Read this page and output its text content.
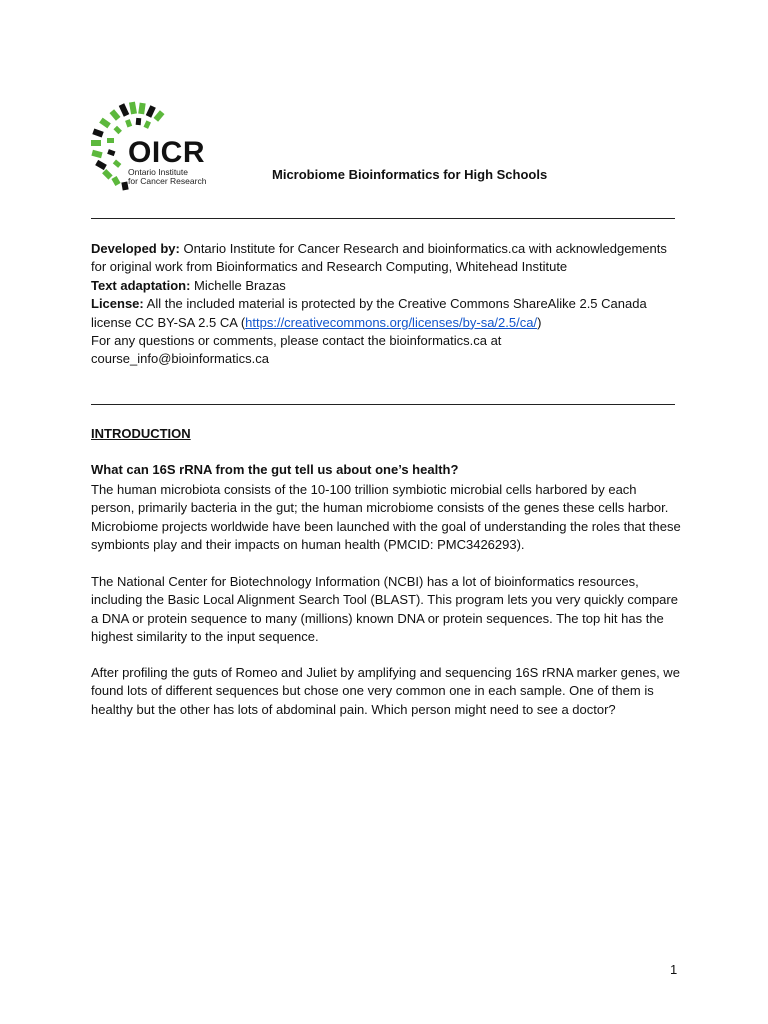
OICR
Ontario Institute
for Cancer Research	Microbiome Bioinformatics for High Schools

Developed by: Ontario Institute for Cancer Research and bioinformatics.ca with acknowledgements for original work from Bioinformatics and Research Computing, Whitehead Institute

Text adaptation: Michelle Brazas

License: All the included material is protected by the Creative Commons ShareAlike 2.5 Canada license CC BY-SA 2.5 CA (https://creativecommons.org/licenses/by-sa/2.5/ca/)

For any questions or comments, please contact the bioinformatics.ca at course_info@bioinformatics.ca

INTRODUCTION
What can 16S rRNA from the gut tell us about one’s health?

The human microbiota consists of the 10-100 trillion symbiotic microbial cells harbored by each person, primarily bacteria in the gut; the human microbiome consists of the genes these cells harbor. Microbiome projects worldwide have been launched with the goal of understanding the roles that these symbionts play and their impacts on human health (PMCID: PMC3426293).

The National Center for Biotechnology Information (NCBI) has a lot of bioinformatics resources, including the Basic Local Alignment Search Tool (BLAST). This program lets you very quickly compare a DNA or protein sequence to many (millions) known DNA or protein sequences. The top hit has the highest similarity to the input sequence.

After profiling the guts of Romeo and Juliet by amplifying and sequencing 16S rRNA marker genes, we found lots of different sequences but chose one very common one in each sample. One of them is healthy but the other has lots of abdominal pain. Which person might need to see a doctor?

1
